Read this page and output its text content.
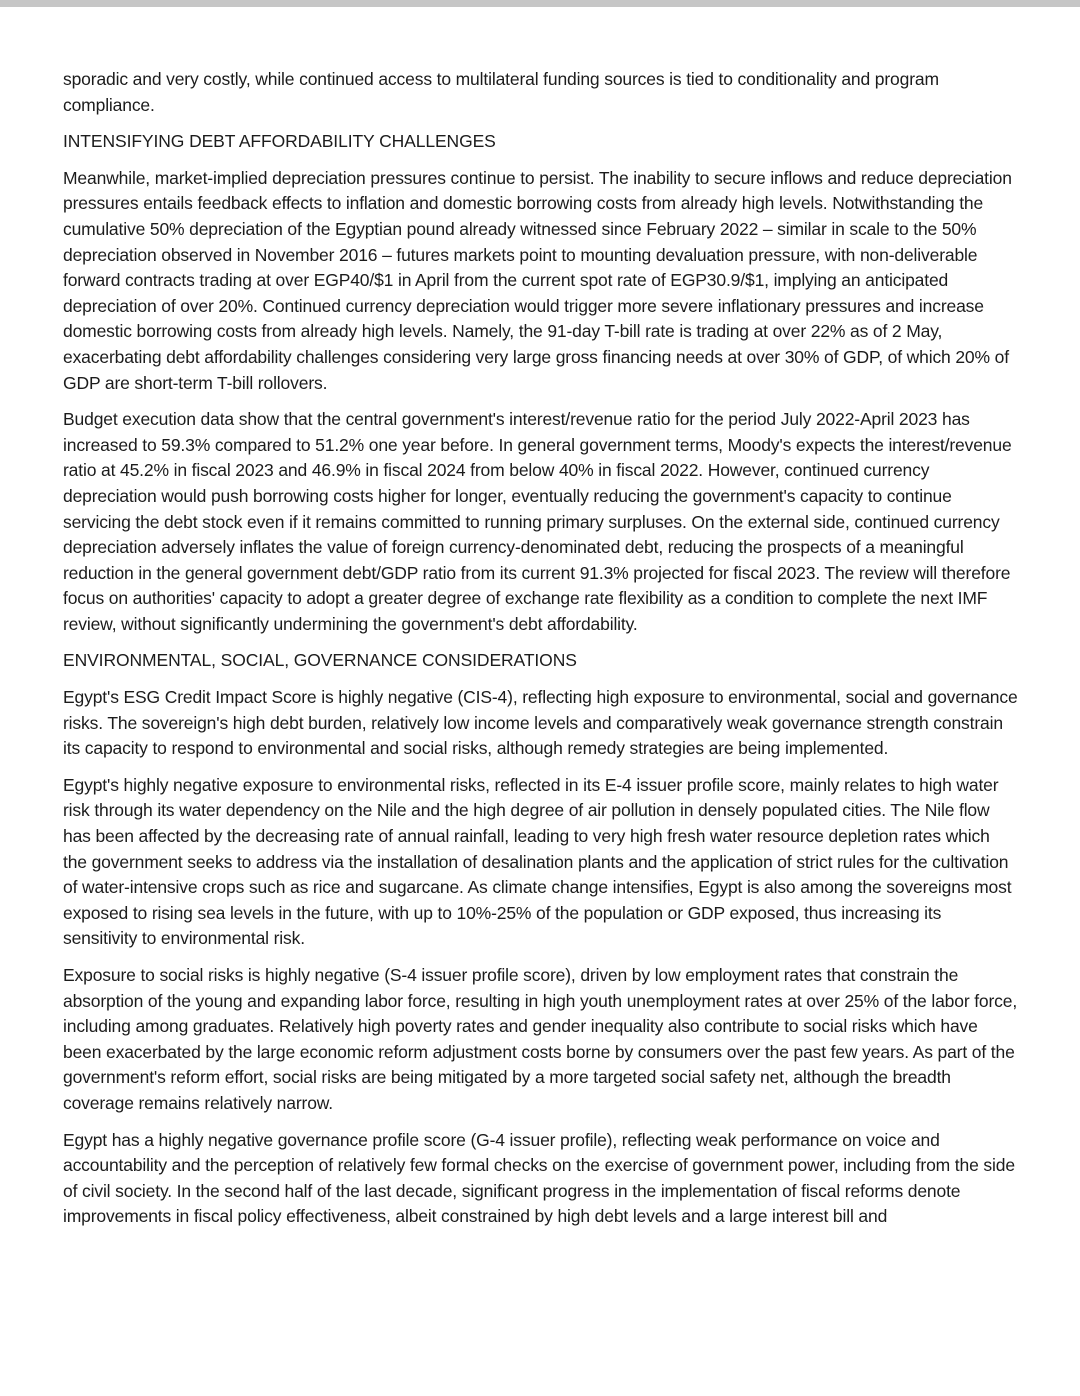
sporadic and very costly, while continued access to multilateral funding sources is tied to conditionality and program compliance.

INTENSIFYING DEBT AFFORDABILITY CHALLENGES

Meanwhile, market-implied depreciation pressures continue to persist. The inability to secure inflows and reduce depreciation pressures entails feedback effects to inflation and domestic borrowing costs from already high levels. Notwithstanding the cumulative 50% depreciation of the Egyptian pound already witnessed since February 2022 – similar in scale to the 50% depreciation observed in November 2016 – futures markets point to mounting devaluation pressure, with non-deliverable forward contracts trading at over EGP40/$1 in April from the current spot rate of EGP30.9/$1, implying an anticipated depreciation of over 20%. Continued currency depreciation would trigger more severe inflationary pressures and increase domestic borrowing costs from already high levels. Namely, the 91-day T-bill rate is trading at over 22% as of 2 May, exacerbating debt affordability challenges considering very large gross financing needs at over 30% of GDP, of which 20% of GDP are short-term T-bill rollovers.

Budget execution data show that the central government's interest/revenue ratio for the period July 2022-April 2023 has increased to 59.3% compared to 51.2% one year before. In general government terms, Moody's expects the interest/revenue ratio at 45.2% in fiscal 2023 and 46.9% in fiscal 2024 from below 40% in fiscal 2022. However, continued currency depreciation would push borrowing costs higher for longer, eventually reducing the government's capacity to continue servicing the debt stock even if it remains committed to running primary surpluses. On the external side, continued currency depreciation adversely inflates the value of foreign currency-denominated debt, reducing the prospects of a meaningful reduction in the general government debt/GDP ratio from its current 91.3% projected for fiscal 2023. The review will therefore focus on authorities' capacity to adopt a greater degree of exchange rate flexibility as a condition to complete the next IMF review, without significantly undermining the government's debt affordability.

ENVIRONMENTAL, SOCIAL, GOVERNANCE CONSIDERATIONS

Egypt's ESG Credit Impact Score is highly negative (CIS-4), reflecting high exposure to environmental, social and governance risks. The sovereign's high debt burden, relatively low income levels and comparatively weak governance strength constrain its capacity to respond to environmental and social risks, although remedy strategies are being implemented.

Egypt's highly negative exposure to environmental risks, reflected in its E-4 issuer profile score, mainly relates to high water risk through its water dependency on the Nile and the high degree of air pollution in densely populated cities. The Nile flow has been affected by the decreasing rate of annual rainfall, leading to very high fresh water resource depletion rates which the government seeks to address via the installation of desalination plants and the application of strict rules for the cultivation of water-intensive crops such as rice and sugarcane. As climate change intensifies, Egypt is also among the sovereigns most exposed to rising sea levels in the future, with up to 10%-25% of the population or GDP exposed, thus increasing its sensitivity to environmental risk.

Exposure to social risks is highly negative (S-4 issuer profile score), driven by low employment rates that constrain the absorption of the young and expanding labor force, resulting in high youth unemployment rates at over 25% of the labor force, including among graduates. Relatively high poverty rates and gender inequality also contribute to social risks which have been exacerbated by the large economic reform adjustment costs borne by consumers over the past few years. As part of the government's reform effort, social risks are being mitigated by a more targeted social safety net, although the breadth coverage remains relatively narrow.

Egypt has a highly negative governance profile score (G-4 issuer profile), reflecting weak performance on voice and accountability and the perception of relatively few formal checks on the exercise of government power, including from the side of civil society. In the second half of the last decade, significant progress in the implementation of fiscal reforms denote improvements in fiscal policy effectiveness, albeit constrained by high debt levels and a large interest bill and
